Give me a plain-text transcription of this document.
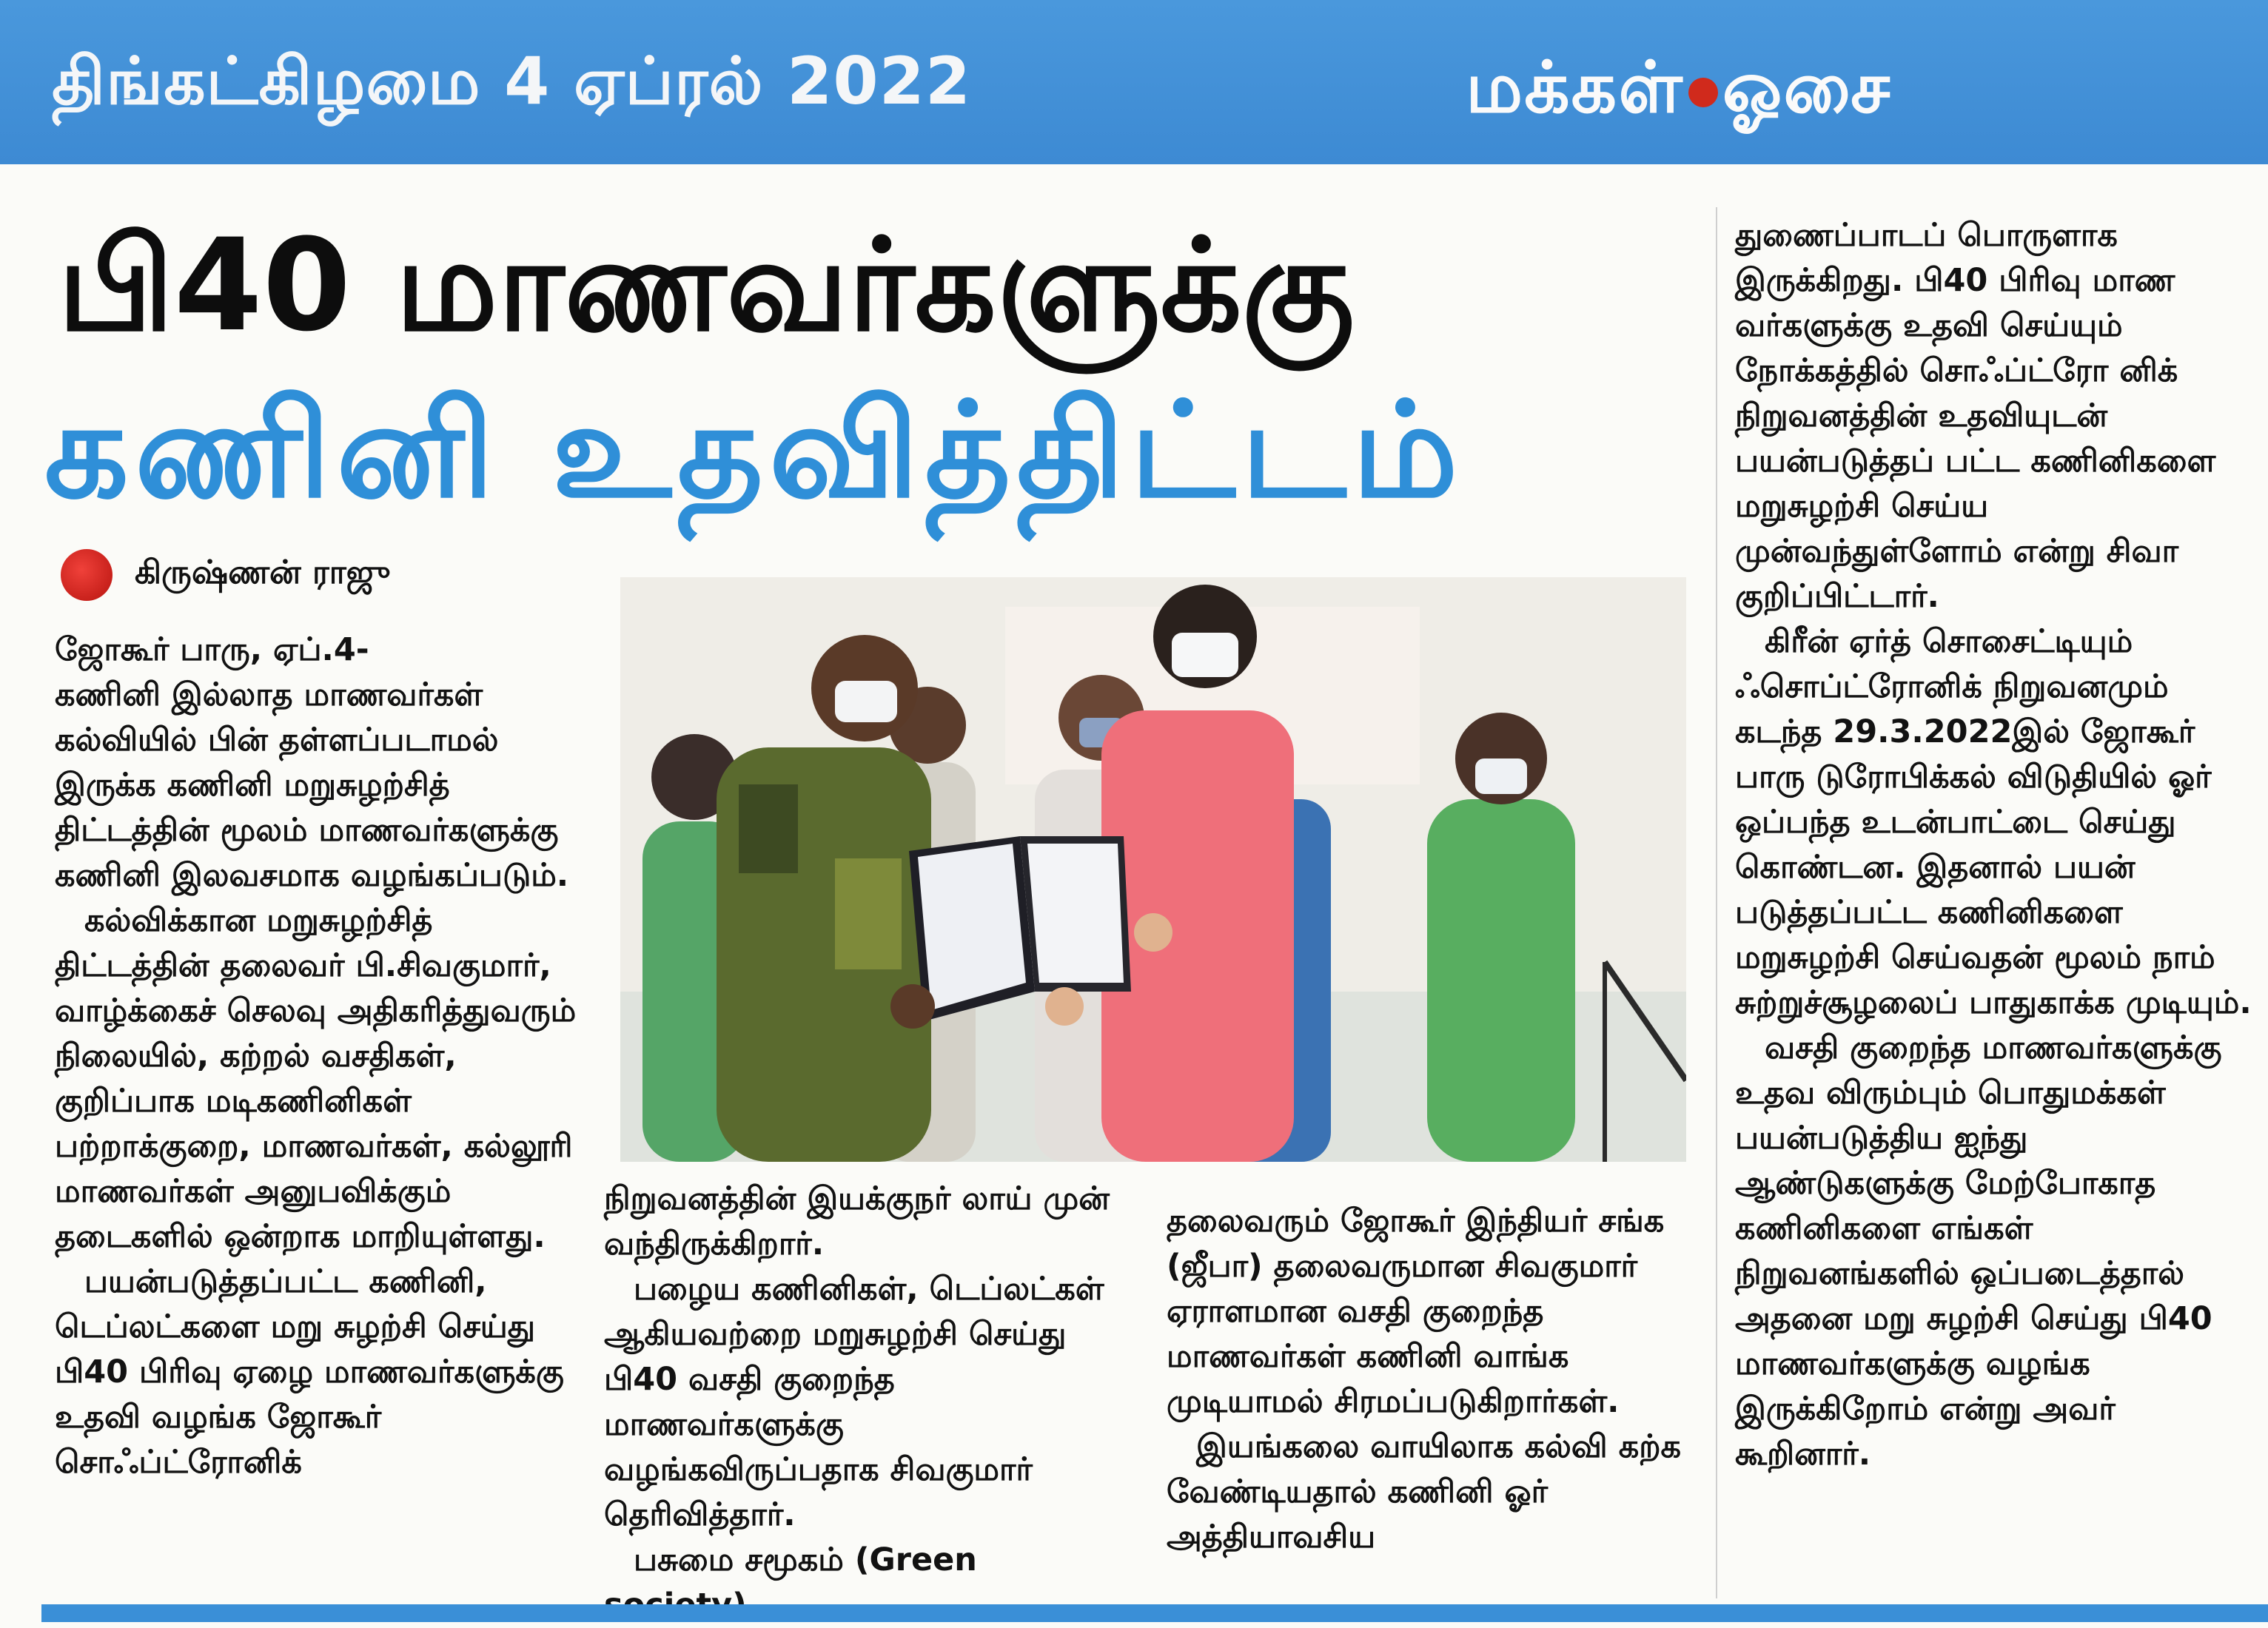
திங்கட்கிழமை 4 ஏப்ரல் 2022	மக்கள் ஓசை
பி40 மாணவர்களுக்கு
கணினி உதவித்திட்டம்
கிருஷ்ணன் ராஜு

ஜோகூர் பாரு, ஏப்.4-

கணினி இல்லாத மாணவர்கள் கல்வியில் பின் தள்ளப்படாமல் இருக்க கணினி மறுசுழற்சித் திட்டத்தின் மூலம் மாணவர்களுக்கு கணினி இலவசமாக வழங்கப்படும்.

கல்விக்கான மறுசுழற்சித் திட்டத்தின் தலைவர் பி.சிவகுமார், வாழ்க்கைச் செலவு அதிகரித்துவரும் நிலையில், கற்றல் வசதிகள், குறிப்பாக மடிகணினிகள் பற்றாக்குறை, மாணவர்கள், கல்லூரி மாணவர்கள் அனுபவிக்கும் தடைகளில் ஒன்றாக மாறியுள்ளது.

பயன்படுத்தப்பட்ட கணினி, டெப்லட்களை மறு சுழற்சி செய்து பி40 பிரிவு ஏழை மாணவர்களுக்கு உதவி வழங்க ஜோகூர் சொஃப்ட்ரோனிக்

நிறுவனத்தின் இயக்குநர் லாய் முன் வந்திருக்கிறார்.

பழைய கணினிகள், டெப்லட்கள் ஆகியவற்றை மறுசுழற்சி செய்து பி40 வசதி குறைந்த மாணவர்களுக்கு வழங்கவிருப்பதாக சிவகுமார் தெரிவித்தார்.

பசுமை சமூகம் (Green

தலைவரும் ஜோகூர் இந்தியர் சங்க (ஜீபா) தலைவருமான சிவகுமார் ஏராளமான வசதி குறைந்த மாணவர்கள் கணினி வாங்க முடியாமல் சிரமப்படுகிறார்கள்.

இயங்கலை வாயிலாக கல்வி கற்க வேண்டியதால் கணினி ஓர் அத்தியாவசிய

துணைப்பாடப் பொருளாக இருக்கிறது. பி40 பிரிவு மாண வர்களுக்கு உதவி செய்யும் நோக்கத்தில் சொஃப்ட்ரோ னிக் நிறுவனத்தின் உதவியுடன் பயன்படுத்தப் பட்ட கணினிகளை மறுசுழற்சி செய்ய முன்வந்துள்ளோம் என்று சிவா குறிப்பிட்டார்.

கிரீன் ஏர்த் சொசைட்டியும் ஃசொப்ட்ரோனிக் நிறுவனமும் கடந்த 29.3.2022இல் ஜோகூர் பாரு டுரோபிக்கல் விடுதியில் ஓர் ஒப்பந்த உடன்பாட்டை செய்து கொண்டன. இதனால் பயன் படுத்தப்பட்ட கணினிகளை மறுசுழற்சி செய்வதன் மூலம் நாம் சுற்றுச்சூழலைப் பாதுகாக்க முடியும்.

வசதி குறைந்த மாணவர்களுக்கு உதவ விரும்பும் பொதுமக்கள் பயன்படுத்திய ஐந்து ஆண்டுகளுக்கு மேற்போகாத கணினிகளை எங்கள் நிறுவனங்களில் ஒப்படைத்தால் அதனை மறு சுழற்சி செய்து பி40 மாணவர்களுக்கு வழங்க இருக்கிறோம் என்று அவர் கூறினார்.
